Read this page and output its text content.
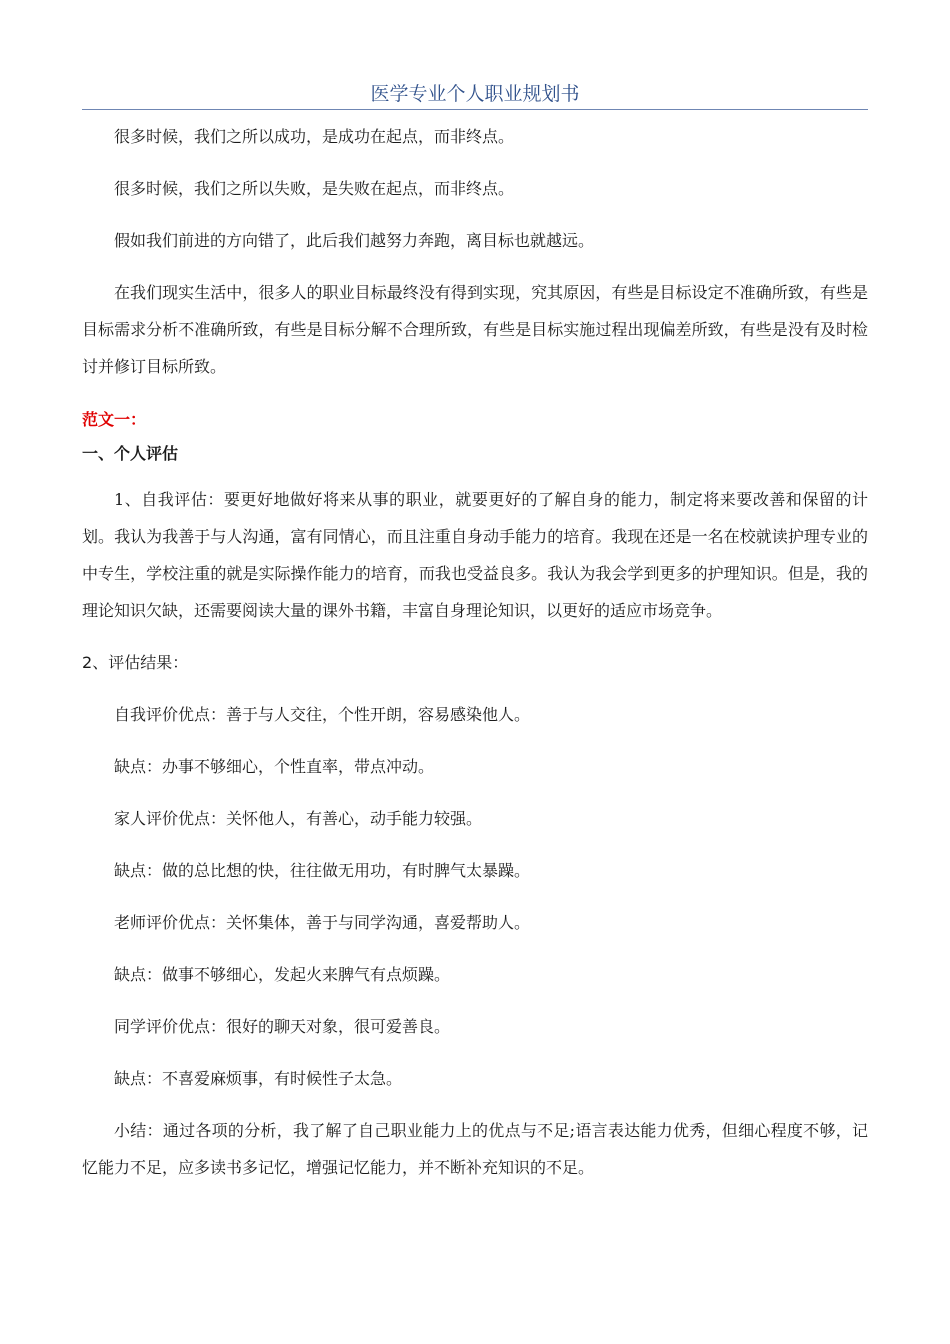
医学专业个人职业规划书

很多时候，我们之所以成功，是成功在起点，而非终点。

很多时候，我们之所以失败，是失败在起点，而非终点。

假如我们前进的方向错了，此后我们越努力奔跑，离目标也就越远。

在我们现实生活中，很多人的职业目标最终没有得到实现，究其原因，有些是目标设定不准确所致，有些是目标需求分析不准确所致，有些是目标分解不合理所致，有些是目标实施过程出现偏差所致，有些是没有及时检讨并修订目标所致。

范文一：
一、个人评估

1、自我评估：要更好地做好将来从事的职业，就要更好的了解自身的能力，制定将来要改善和保留的计划。我认为我善于与人沟通，富有同情心，而且注重自身动手能力的培育。我现在还是一名在校就读护理专业的中专生，学校注重的就是实际操作能力的培育，而我也受益良多。我认为我会学到更多的护理知识。但是，我的理论知识欠缺，还需要阅读大量的课外书籍，丰富自身理论知识，以更好的适应市场竞争。

2、评估结果：

自我评价优点：善于与人交往，个性开朗，容易感染他人。

缺点：办事不够细心，个性直率，带点冲动。

家人评价优点：关怀他人，有善心，动手能力较强。

缺点：做的总比想的快，往往做无用功，有时脾气太暴躁。

老师评价优点：关怀集体，善于与同学沟通，喜爱帮助人。

缺点：做事不够细心，发起火来脾气有点烦躁。

同学评价优点：很好的聊天对象，很可爱善良。

缺点：不喜爱麻烦事，有时候性子太急。

小结：通过各项的分析，我了解了自己职业能力上的优点与不足;语言表达能力优秀，但细心程度不够，记忆能力不足，应多读书多记忆，增强记忆能力，并不断补充知识的不足。
